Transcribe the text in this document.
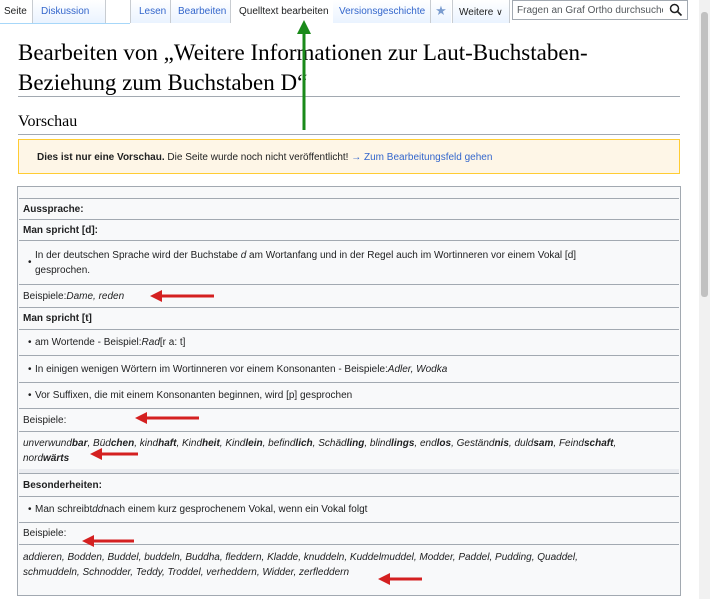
Seite	Diskussion	Lesen	Bearbeiten	Quelltext bearbeiten	Versionsgeschichte ★	Weitere ∨
Fragen an Graf Ortho durchsuchen
Bearbeiten von „Weitere Informationen zur Laut-Buchstaben-
Beziehung zum Buchstaben D“
Vorschau
Dies ist nur eine Vorschau. Die Seite wurde noch nicht veröffentlicht! → Zum Bearbeitungsfeld gehen
Aussprache:
Man spricht [d]:
• In der deutschen Sprache wird der Buchstabe d am Wortanfang und in der Regel auch im Wortinneren vor einem Vokal [d]
gesprochen.
Beispiele: Dame, reden
Man spricht [t]
• am Wortende - Beispiel: Rad [r a: t]
• In einigen wenigen Wörtern im Wortinneren vor einem Konsonanten - Beispiele: Adler, Wodka
• Vor Suffixen, die mit einem Konsonanten beginnen, wird [p] gesprochen
Beispiele:
unverwundbar, Büdchen, kindhaft, Kindheit, Kindlein, befindlich, Schädling, blindlings, endlos, Geständnis, duldsam, Feindschaft,
nordwärts
Besonderheiten:
• Man schreibt dd nach einem kurz gesprochenem Vokal, wenn ein Vokal folgt
Beispiele:
addieren, Bodden, Buddel, buddeln, Buddha, fleddern, Kladde, knuddeln, Kuddelmuddel, Modder, Paddel, Pudding, Quaddel,
schmuddeln, Schnodder, Teddy, Troddel, verheddern, Widder, zerfleddern
